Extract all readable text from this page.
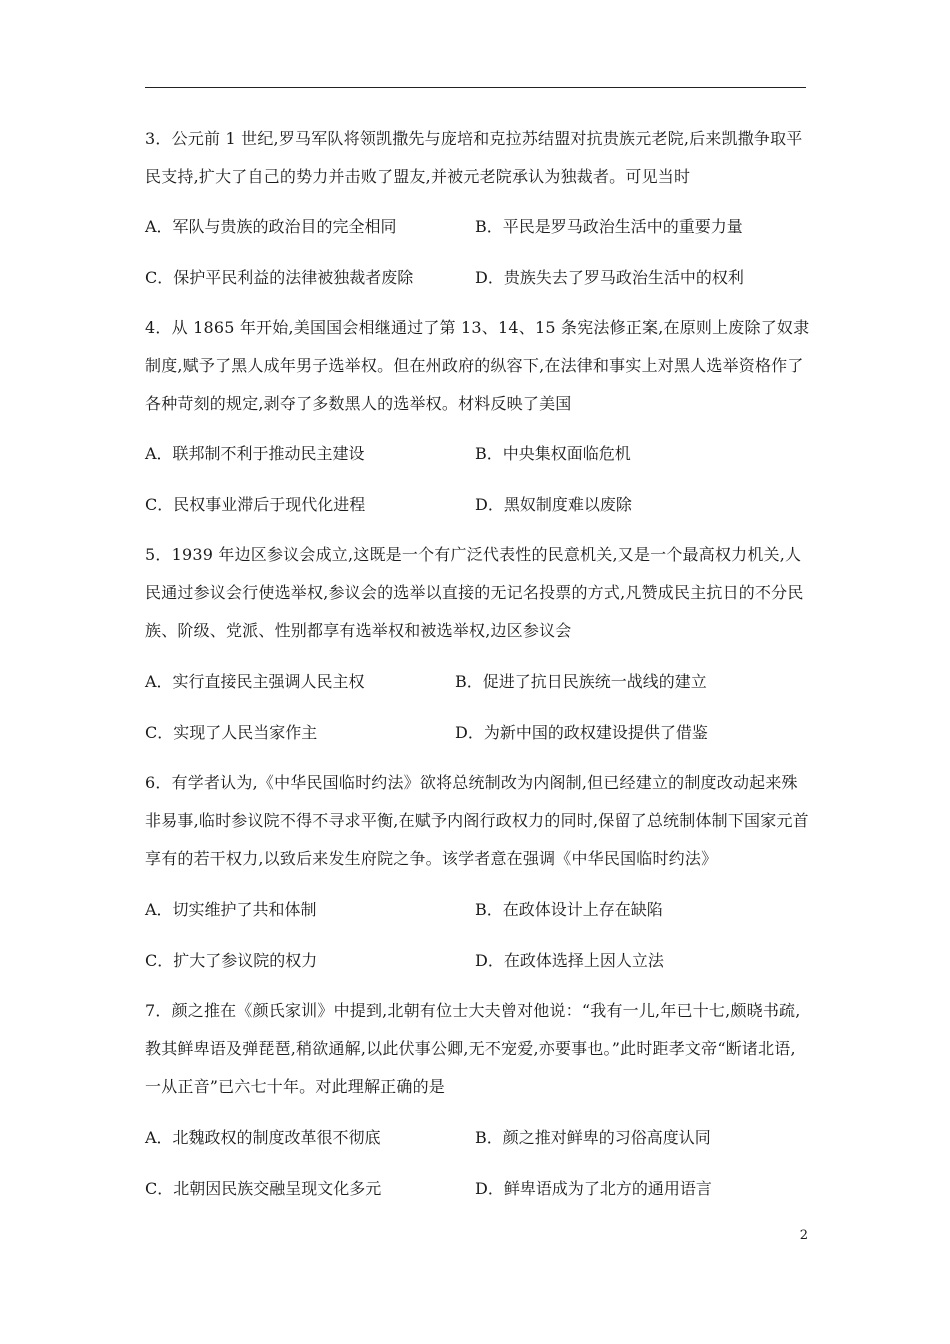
3．公元前 1 世纪,罗马军队将领凯撒先与庞培和克拉苏结盟对抗贵族元老院,后来凯撒争取平民支持,扩大了自己的势力并击败了盟友,并被元老院承认为独裁者。可见当时
A．军队与贵族的政治目的完全相同	B．平民是罗马政治生活中的重要力量
C．保护平民利益的法律被独裁者废除	D．贵族失去了罗马政治生活中的权利
4．从 1865 年开始,美国国会相继通过了第 13、14、15 条宪法修正案,在原则上废除了奴隶制度,赋予了黑人成年男子选举权。但在州政府的纵容下,在法律和事实上对黑人选举资格作了各种苛刻的规定,剥夺了多数黑人的选举权。材料反映了美国
A．联邦制不利于推动民主建设	B．中央集权面临危机
C．民权事业滞后于现代化进程	D．黑奴制度难以废除
5．1939 年边区参议会成立,这既是一个有广泛代表性的民意机关,又是一个最高权力机关,人民通过参议会行使选举权,参议会的选举以直接的无记名投票的方式,凡赞成民主抗日的不分民族、阶级、党派、性别都享有选举权和被选举权,边区参议会
A．实行直接民主强调人民主权	B．促进了抗日民族统一战线的建立
C．实现了人民当家作主	D．为新中国的政权建设提供了借鉴
6．有学者认为,《中华民国临时约法》欲将总统制改为内阁制,但已经建立的制度改动起来殊非易事,临时参议院不得不寻求平衡,在赋予内阁行政权力的同时,保留了总统制体制下国家元首享有的若干权力,以致后来发生府院之争。该学者意在强调《中华民国临时约法》
A．切实维护了共和体制	B．在政体设计上存在缺陷
C．扩大了参议院的权力	D．在政体选择上因人立法
7．颜之推在《颜氏家训》中提到,北朝有位士大夫曾对他说：“我有一儿,年已十七,颇晓书疏,教其鲜卑语及弹琵琶,稍欲通解,以此伏事公卿,无不宠爱,亦要事也。”此时距孝文帝“断诸北语,一从正音”已六七十年。对此理解正确的是
A．北魏政权的制度改革很不彻底	B．颜之推对鲜卑的习俗高度认同
C．北朝因民族交融呈现文化多元	D．鲜卑语成为了北方的通用语言
2
